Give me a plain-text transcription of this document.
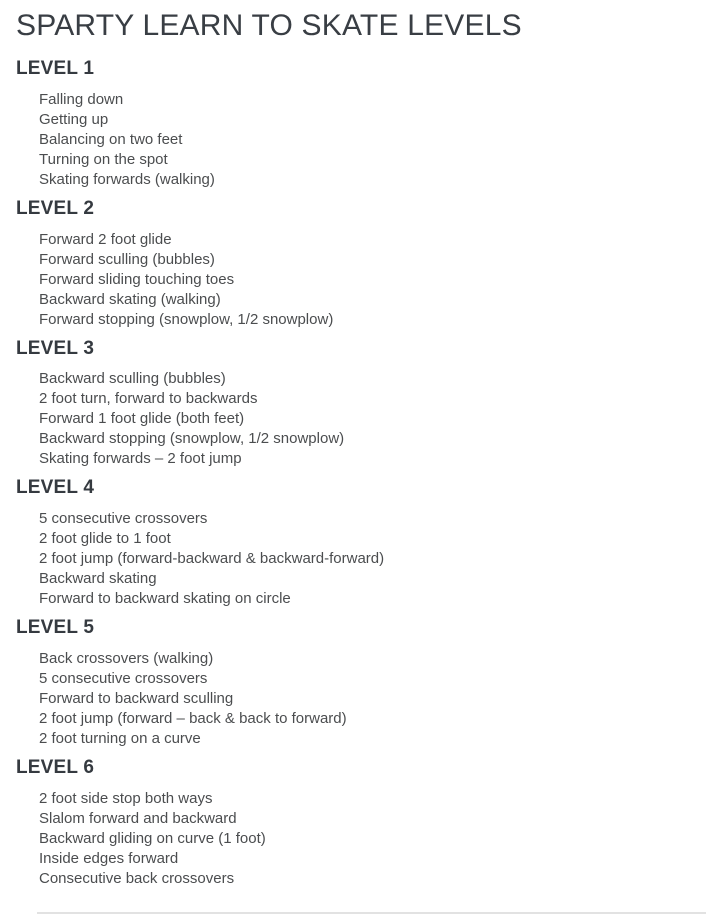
SPARTY LEARN TO SKATE LEVELS
LEVEL 1
Falling down
Getting up
Balancing on two feet
Turning on the spot
Skating forwards (walking)
LEVEL 2
Forward 2 foot glide
Forward sculling (bubbles)
Forward sliding touching toes
Backward skating (walking)
Forward stopping (snowplow, 1/2 snowplow)
LEVEL 3
Backward sculling (bubbles)
2 foot turn, forward to backwards
Forward 1 foot glide (both feet)
Backward stopping (snowplow, 1/2 snowplow)
Skating forwards – 2 foot jump
LEVEL 4
5 consecutive crossovers
2 foot glide to 1 foot
2 foot jump (forward-backward & backward-forward)
Backward skating
Forward to backward skating on circle
LEVEL 5
Back crossovers (walking)
5 consecutive crossovers
Forward to backward sculling
2 foot jump (forward – back & back to forward)
2 foot turning on a curve
LEVEL 6
2 foot side stop both ways
Slalom forward and backward
Backward gliding on curve (1 foot)
Inside edges forward
Consecutive back crossovers
